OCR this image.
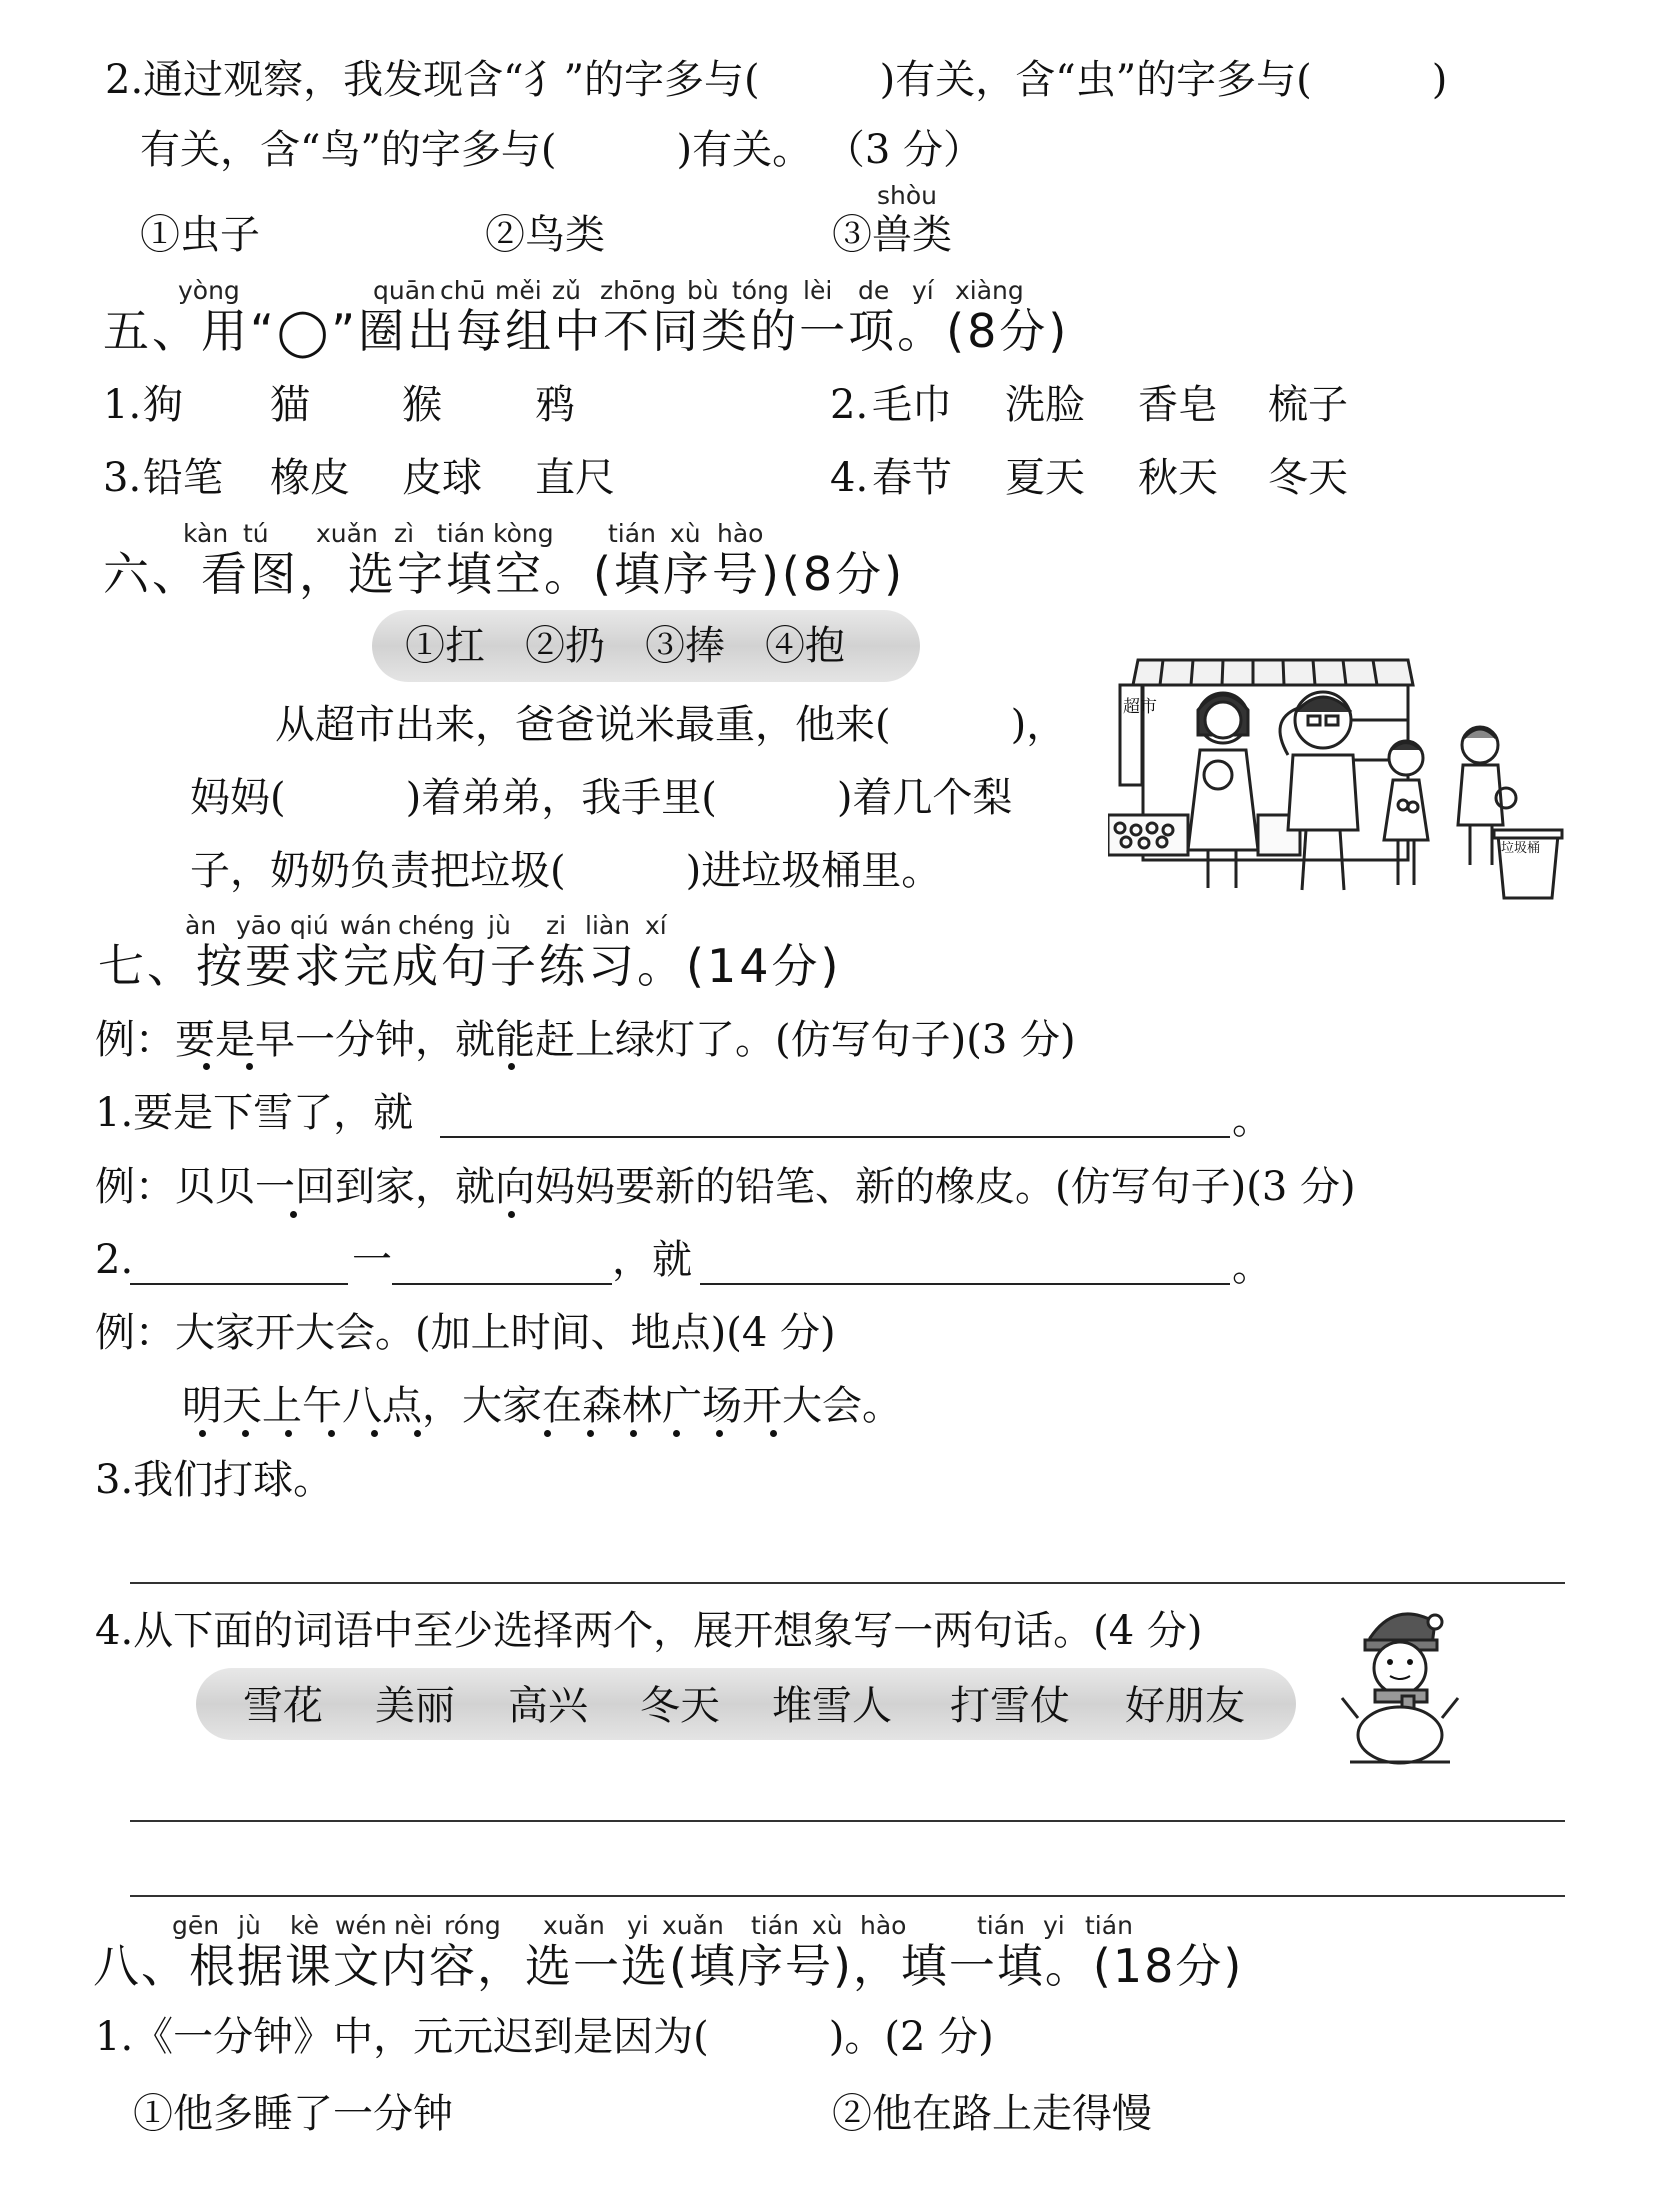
2.通过观察，我发现含“犭”的字多与(　　　)有关，含“虫”的字多与(　　　)
有关，含“鸟”的字多与(　　　)有关。 （3 分）
shòu
①虫子	②鸟类	③兽类
yòng	quān chū měi zǔ zhōng bù tóng lèi de yí xiàng
五、用“◯”圈出每组中不同类的一项。(8分)
1. 狗 猫 猴 鸦	2. 毛巾 洗脸 香皂 梳子
3. 铅笔 橡皮 皮球 直尺	4. 春节 夏天 秋天 冬天
kàn tú xuǎn zì tián kòng tián xù hào
六、看图，选字填空。(填序号)(8分)
①扛　②扔　③捧　④抱
从超市出来，爸爸说米最重，他来(　　　)，
妈妈(　　　)着弟弟，我手里(　　　)着几个梨
子，奶奶负责把垃圾(　　　)进垃圾桶里。
超市
垃圾桶
àn yāo qiú wán chéng jù zi liàn xí
七、按要求完成句子练习。(14分)
例：要是早一分钟，就能赶上绿灯了。(仿写句子)(3 分)
1.要是下雪了，就	。
例：贝贝一回到家，就向妈妈要新的铅笔、新的橡皮。(仿写句子)(3 分)
2.	一	，就	。
例：大家开大会。(加上时间、地点)(4 分)
明天上午八点，大家在森林广场开大会。
3.我们打球。
4.从下面的词语中至少选择两个，展开想象写一两句话。(4 分)
雪花 美丽 高兴 冬天 堆雪人 打雪仗 好朋友
gēn jù kè wén nèi róng xuǎn yi xuǎn tián xù hào	tián yi tián
八、根据课文内容，选一选(填序号)，填一填。(18分)
1.《一分钟》中，元元迟到是因为(　　　)。(2 分)
①他多睡了一分钟	②他在路上走得慢
